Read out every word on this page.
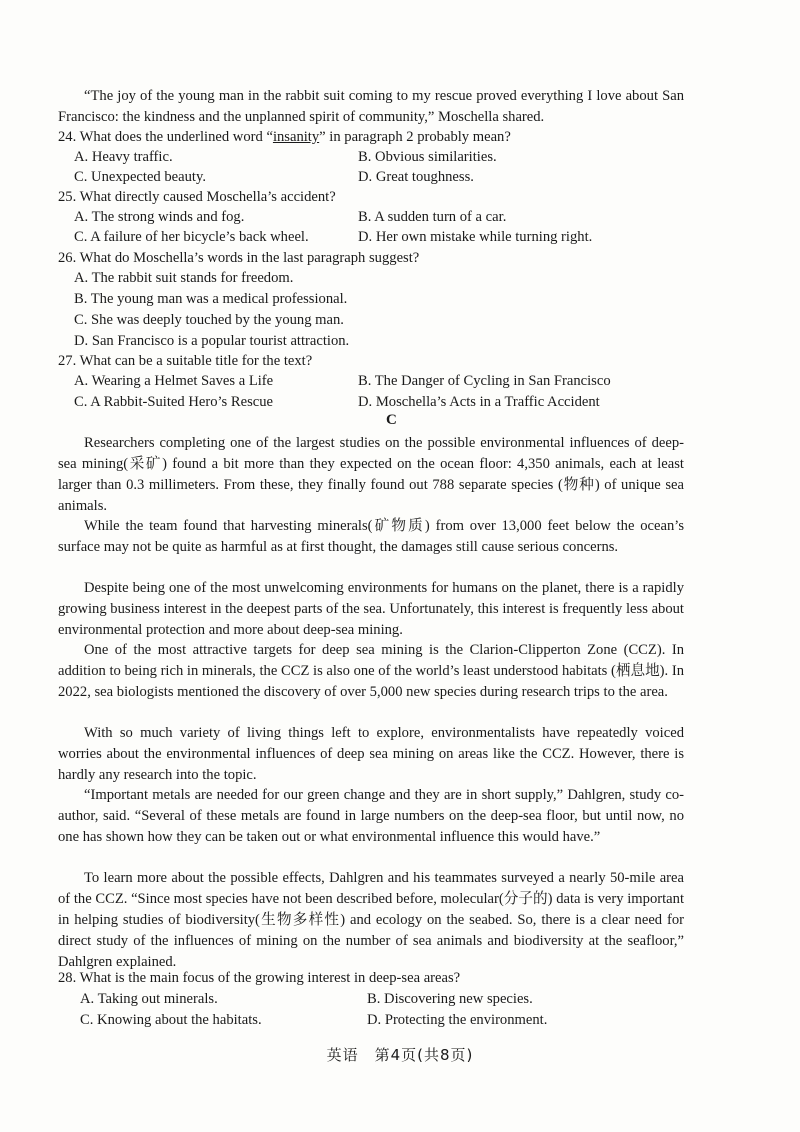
“The joy of the young man in the rabbit suit coming to my rescue proved everything I love about San Francisco: the kindness and the unplanned spirit of community,” Moschella shared.
24. What does the underlined word “insanity” in paragraph 2 probably mean?
A. Heavy traffic.	B. Obvious similarities.
C. Unexpected beauty.	D. Great toughness.
25. What directly caused Moschella’s accident?
A. The strong winds and fog.	B. A sudden turn of a car.
C. A failure of her bicycle’s back wheel.	D. Her own mistake while turning right.
26. What do Moschella’s words in the last paragraph suggest?
A. The rabbit suit stands for freedom.
B. The young man was a medical professional.
C. She was deeply touched by the young man.
D. San Francisco is a popular tourist attraction.
27. What can be a suitable title for the text?
A. Wearing a Helmet Saves a Life	B. The Danger of Cycling in San Francisco
C. A Rabbit-Suited Hero’s Rescue	D. Moschella’s Acts in a Traffic Accident
C
Researchers completing one of the largest studies on the possible environmental influences of deep-sea mining(采矿) found a bit more than they expected on the ocean floor: 4,350 animals, each at least larger than 0.3 millimeters. From these, they finally found out 788 separate species (物种) of unique sea animals.
While the team found that harvesting minerals(矿物质) from over 13,000 feet below the ocean’s surface may not be quite as harmful as at first thought, the damages still cause serious concerns.
Despite being one of the most unwelcoming environments for humans on the planet, there is a rapidly growing business interest in the deepest parts of the sea. Unfortunately, this interest is frequently less about environmental protection and more about deep-sea mining.
One of the most attractive targets for deep sea mining is the Clarion-Clipperton Zone (CCZ). In addition to being rich in minerals, the CCZ is also one of the world’s least understood habitats (栖息地). In 2022, sea biologists mentioned the discovery of over 5,000 new species during research trips to the area.
With so much variety of living things left to explore, environmentalists have repeatedly voiced worries about the environmental influences of deep sea mining on areas like the CCZ. However, there is hardly any research into the topic.
“Important metals are needed for our green change and they are in short supply,” Dahlgren, study co-author, said. “Several of these metals are found in large numbers on the deep-sea floor, but until now, no one has shown how they can be taken out or what environmental influence this would have.”
To learn more about the possible effects, Dahlgren and his teammates surveyed a nearly 50-mile area of the CCZ. “Since most species have not been described before, molecular(分子的) data is very important in helping studies of biodiversity(生物多样性) and ecology on the seabed. So, there is a clear need for direct study of the influences of mining on the number of sea animals and biodiversity at the seafloor,” Dahlgren explained.
28. What is the main focus of the growing interest in deep-sea areas?
A. Taking out minerals.	B. Discovering new species.
C. Knowing about the habitats.	D. Protecting the environment.
英语　第4页(共8页)
